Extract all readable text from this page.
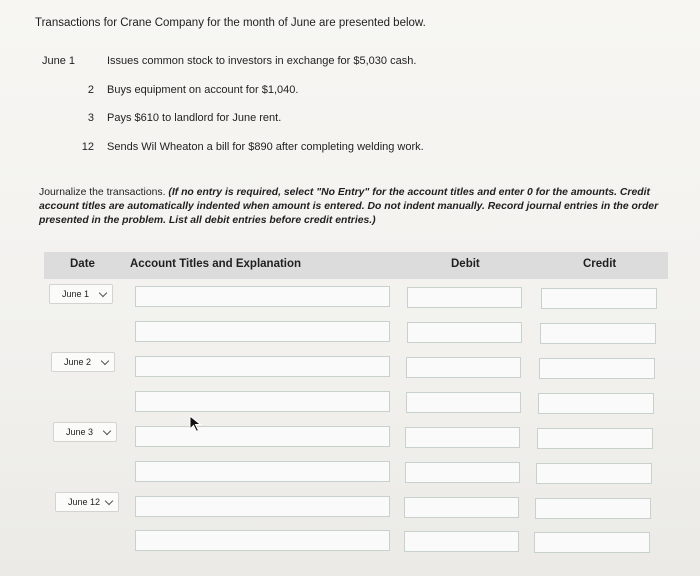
Transactions for Crane Company for the month of June are presented below.
June 1	Issues common stock to investors in exchange for $5,030 cash.
2	Buys equipment on account for $1,040.
3	Pays $610 to landlord for June rent.
12	Sends Wil Wheaton a bill for $890 after completing welding work.
Journalize the transactions. (If no entry is required, select "No Entry" for the account titles and enter 0 for the amounts. Credit account titles are automatically indented when amount is entered. Do not indent manually. Record journal entries in the order presented in the problem. List all debit entries before credit entries.)
Date	Account Titles and Explanation	Debit	Credit
June 1
June 2
June 3
June 12
